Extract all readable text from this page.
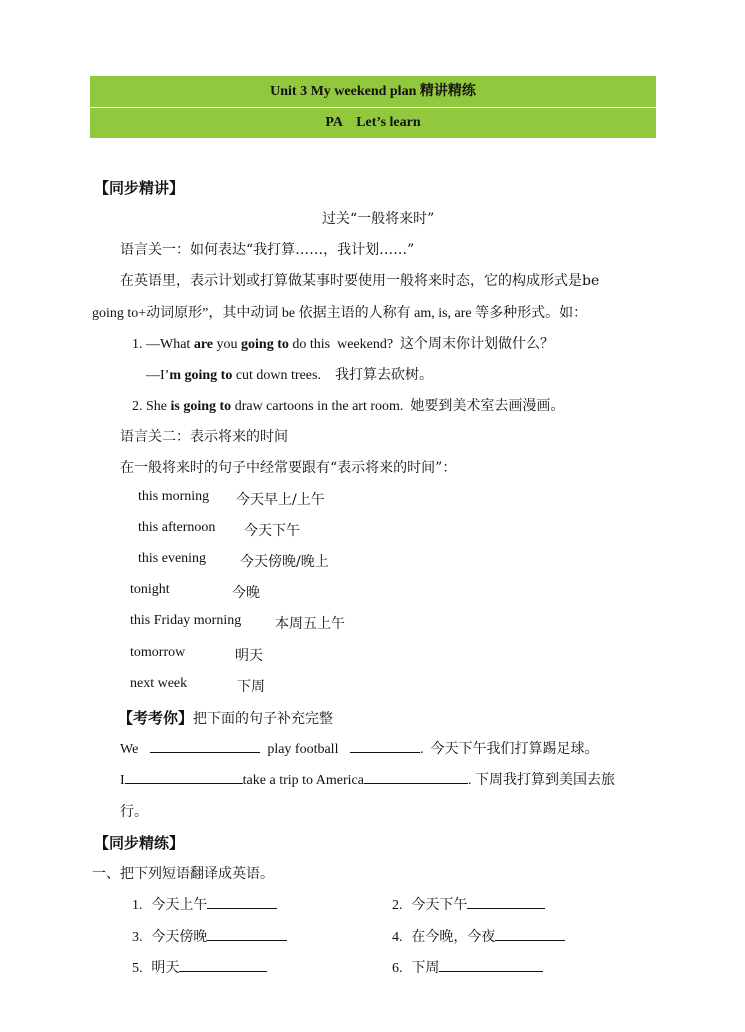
Unit 3 My weekend plan 精讲精练
PA    Let’s learn
【同步精讲】
过关“一般将来时”
语言关一：如何表达“我打算……，我计划……”
在英语里，表示计划或打算做某事时要使用一般将来时态，它的构成形式是be
going to+动词原形”，其中动词 be 依据主语的人称有 am, is, are 等多种形式。如：
1. —What are you going to do this  weekend?  这个周末你计划做什么？
—I’m going to cut down trees.    我打算去砍树。
2. She is going to draw cartoons in the art room.  她要到美术室去画漫画。
语言关二：表示将来的时间
在一般将来时的句子中经常要跟有“表示将来的时间”：
this morning 今天早上/上午
this afternoon 今天下午
this evening 今天傍晚/晚上
tonight	今晚
this Friday morning 本周五上午
tomorrow	明天
next week	下周
【考考你】把下面的句子补充完整
We	play football	.  今天下午我们打算踢足球。
I	take a trip to America	. 下周我打算到美国去旅
行。
【同步精练】
一、把下列短语翻译成英语。
1. 今天上午	2. 今天下午
3. 今天傍晚	4. 在今晚，今夜
5. 明天	6. 下周
